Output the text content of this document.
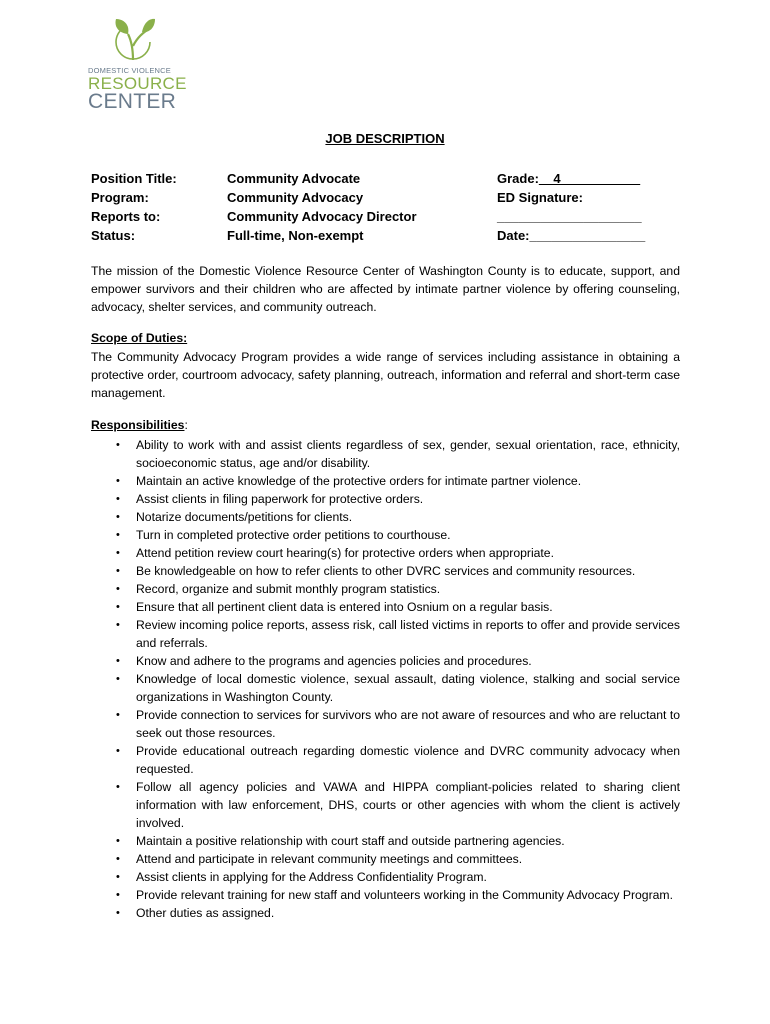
DOMESTIC VIOLENCE
RESOURCE
CENTER
JOB DESCRIPTION
Position Title:
Program:
Reports to:
Status:
Community Advocate
Community Advocacy
Community Advocacy Director
Full-time, Non-exempt
Grade:__4___________
ED Signature:
____________________
Date:________________
The mission of the Domestic Violence Resource Center of Washington County is to educate, support, and empower survivors and their children who are affected by intimate partner violence by offering counseling, advocacy, shelter services, and community outreach.
Scope of Duties:
The Community Advocacy Program provides a wide range of services including assistance in obtaining a protective order, courtroom advocacy, safety planning, outreach, information and referral and short-term case management.
Responsibilities:
• Ability to work with and assist clients regardless of sex, gender, sexual orientation, race, ethnicity, socioeconomic status, age and/or disability.
• Maintain an active knowledge of the protective orders for intimate partner violence.
• Assist clients in filing paperwork for protective orders.
• Notarize documents/petitions for clients.
• Turn in completed protective order petitions to courthouse.
• Attend petition review court hearing(s) for protective orders when appropriate.
• Be knowledgeable on how to refer clients to other DVRC services and community resources.
• Record, organize and submit monthly program statistics.
• Ensure that all pertinent client data is entered into Osnium on a regular basis.
• Review incoming police reports, assess risk, call listed victims in reports to offer and provide services and referrals.
• Know and adhere to the programs and agencies policies and procedures.
• Knowledge of local domestic violence, sexual assault, dating violence, stalking and social service organizations in Washington County.
• Provide connection to services for survivors who are not aware of resources and who are reluctant to seek out those resources.
• Provide educational outreach regarding domestic violence and DVRC community advocacy when requested.
• Follow all agency policies and VAWA and HIPPA compliant-policies related to sharing client information with law enforcement, DHS, courts or other agencies with whom the client is actively involved.
• Maintain a positive relationship with court staff and outside partnering agencies.
• Attend and participate in relevant community meetings and committees.
• Assist clients in applying for the Address Confidentiality Program.
• Provide relevant training for new staff and volunteers working in the Community Advocacy Program.
• Other duties as assigned.
